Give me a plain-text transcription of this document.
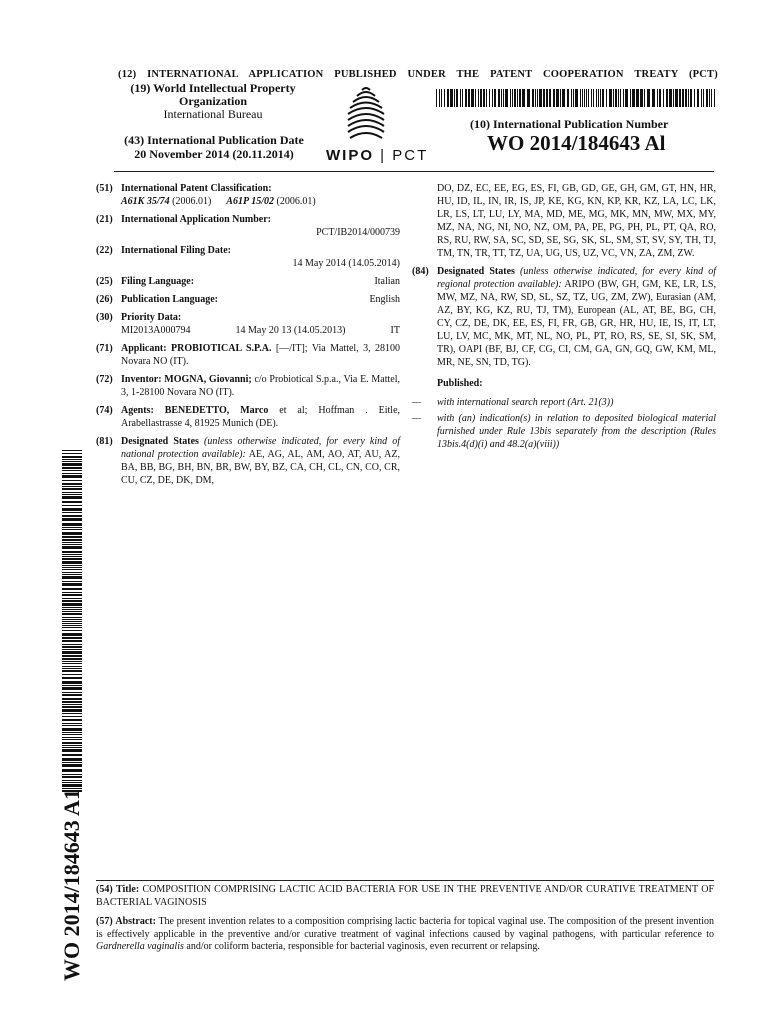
(12) INTERNATIONAL APPLICATION PUBLISHED UNDER THE PATENT COOPERATION TREATY (PCT)
(19) World Intellectual Property
Organization
International Bureau
(43) International Publication Date
20 November 2014 (20.11.2014)	WIPO | PCT
(10) International Publication Number
WO 2014/184643 Al
(51) International Patent Classification:
A61K 35/74 (2006.01) A61P 15/02 (2006.01)
(21) International Application Number:
PCT/IB2014/000739
(22) International Filing Date:
14 May 2014 (14.05.2014)
(25) Filing Language:	Italian
(26) Publication Language:	English
(30) Priority Data:
MI2013A000794	14 May 20 13 (14.05.2013)	IT
(71) Applicant: PROBIOTICAL S.P.A. [—/IT]; Via Mattel, 3, 28100 Novara NO (IT).
(72) Inventor: MOGNA, Giovanni; c/o Probiotical S.p.a., Via E. Mattel, 3, 1-28100 Novara NO (IT).
(74) Agents: BENEDETTO, Marco et al; Hoffman . Eitle, Arabellastrasse 4, 81925 Munich (DE).
(81) Designated States (unless otherwise indicated, for every kind of national protection available): AE, AG, AL, AM, AO, AT, AU, AZ, BA, BB, BG, BH, BN, BR, BW, BY, BZ, CA, CH, CL, CN, CO, CR, CU, CZ, DE, DK, DM,
DO, DZ, EC, EE, EG, ES, FI, GB, GD, GE, GH, GM, GT, HN, HR, HU, ID, IL, IN, IR, IS, JP, KE, KG, KN, KP, KR, KZ, LA, LC, LK, LR, LS, LT, LU, LY, MA, MD, ME, MG, MK, MN, MW, MX, MY, MZ, NA, NG, NI, NO, NZ, OM, PA, PE, PG, PH, PL, PT, QA, RO, RS, RU, RW, SA, SC, SD, SE, SG, SK, SL, SM, ST, SV, SY, TH, TJ, TM, TN, TR, TT, TZ, UA, UG, US, UZ, VC, VN, ZA, ZM, ZW.
(84) Designated States (unless otherwise indicated, for every kind of regional protection available): ARIPO (BW, GH, GM, KE, LR, LS, MW, MZ, NA, RW, SD, SL, SZ, TZ, UG, ZM, ZW), Eurasian (AM, AZ, BY, KG, KZ, RU, TJ, TM), European (AL, AT, BE, BG, CH, CY, CZ, DE, DK, EE, ES, FI, FR, GB, GR, HR, HU, IE, IS, IT, LT, LU, LV, MC, MK, MT, NL, NO, PL, PT, RO, RS, SE, SI, SK, SM, TR), OAPI (BF, BJ, CF, CG, CI, CM, GA, GN, GQ, GW, KM, ML, MR, NE, SN, TD, TG).
Published:
— with international search report (Art. 21(3))
— with (an) indication(s) in relation to deposited biological material furnished under Rule 13bis separately from the description (Rules 13bis.4(d)(i) and 48.2(a)(viii))
WO 2014/184643 A1 (54) Title: COMPOSITION COMPRISING LACTIC ACID BACTERIA FOR USE IN THE PREVENTIVE AND/OR CURATIVE TREATMENT OF BACTERIAL VAGINOSIS
(57) Abstract: The present invention relates to a composition comprising lactic bacteria for topical vaginal use. The composition of the present invention is effectively applicable in the preventive and/or curative treatment of vaginal infections caused by vaginal pathogens, with particular reference to Gardnerella vaginalis and/or coliform bacteria, responsible for bacterial vaginosis, even recurrent or relapsing.
